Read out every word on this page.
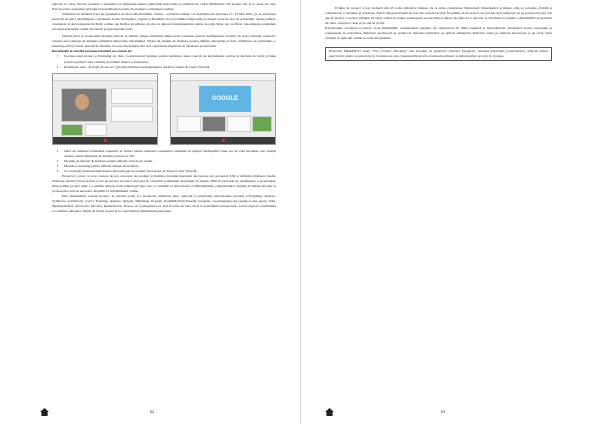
aplicate la clasa, fiecare partener a prezentat un împreună despre aplicațiile dezvoltate și utilizate în cadrul întâlnirilor din proiect dar și la orele de curs. Fiecare țară a prezentat aplicații și instrumente folosite în predarea și învățarea online.

Schimbul de termeni scurt ale grupurilor de elevi din România, Vaslui – activitate online, s-a desfășurat în perioada 17- 19 Mai 2021, și au participat peste 60 de elevi din Bulgaria, Germania, Italia, Portugalia, Spania și România. El nu schimbat împreună cu despre viața de elev în pandemie, despre temeri, avantajele și dezavantajele învățării online. Au învățat să editeze un site cu ajutorul instrumentului online Google Sites. Au verificat cunoștințele acumulate folosind aplicațiile online Wordwall și jigsawplanet.com.

Ghidul final al proiectului include metode și tehnici despre utilizarea mijloacelor existente pentru desfășurarea lecțiilor în clasa virtuală, respectiv crearea unor situații de învățare utilizând tehnologia informației. Tipuri de situații de învățare pentru diferite discipline școlare. Utilizarea de platforme e-learning pentru variate situații de învățare la toate disciplinele din aria curriculare implicate în derularea proiectului.

Rezultatele la nivelul partenerariatului au constat în:

▪ Crearea unui proiect e-Twinning de către coordonatorul german pentru realizarea unei colecții de instrumente on-line și module de lecții și bune practici pentru Clasa virtuală accesibile tuturor partenerilor.
▪ Realizarea unor „Povești de succes” privind utilizarea instrumentelor media și online în Clasa Virtuală.
GOOGLE
▪ Ghid de utilizare incluzând expertize și sfaturi pentru utilizarea resurselor existente în timpul desfășurării unei ore de curs moderne sau situații asupra crearii situațiilor de învățare bazate pe TIC
▪ Module de situații de învățare pentru diferite obiecte de studiu
▪ Module e-learning pentru diferite situații de învățare
▪ O convenție internațională despre metodologia de predare inovatoare și despre Clasa Virtuală.

Proiectul a avut ca scop crearea de noi concepte de predare și învățare folosind metodele inovatoare ale secolului XXI și utilizând mijloace media moderne. Pentru liceul nostru a fost un proiect inovator mai ales în contextul pandemiei declanșate în martie 2020 în perioada de desfășurare a proiectului, fiind primul proiect unde s-a utilizat diverse noile tehnologii fapt care a contribuit la dezvoltarea și îmbunătățirea competențelor digitale în rândul elevilor și profesorilor atât de necesare adaptării la învățământul online.

Prin intermediul acestui proiect, la nivelul școlii s-a promovat utilizarea unor aplicații și platforme educaționale precum e-Twinning, Kahoot, Symbaloo și Edmodo, Lyrics Training, Quizizz, Quizlet, Mindmap, Popplet, PadletMyWall Easelly, Glogster, Learningapps.org (ready-to-use apps), Voki, Mysimpleshow, PowToon, Moovly, Renderforest, Kizoa, etc și integrarea lor atât în orele de curs cât și la activitățile extrașcolare, aceste aspecte contribuind la calitatea educației oferită de liceul nostru și la consolidarea dimensiunii europene.

62

Echipa de proiect a fost formată din 23 cadre didactice titulare, de la ariile curriculare Tehnologii, Matematică și științe, Om și societate, Limbă și comunicare, Consiliere și orientare. Elevii din grupul țintă au fost din clasele IX-XII. În primul an de proiect au fost 44 elevi selectați, iar pe parcursul celor doi ani de proiect s-au mai adăugat 29 elevi având în vedere prelungirea proiectului și durata de aplicare a elevilor la activități cu urmare a diseminării proiectului de către colegii la clase și pe site-ul școlii.

Participanții, profesori și elevii, și-au îmbunătățit competențele digitale, de comunicare în limba engleză și interculturale. Integrând aceste cunoștințe și competențe în activitatea didactică, profesorii au promovat educația inclusivă, au aplicat demersuri didactice axate pe metode inovatoare și au creat clasa virtuală cu aplicații online la toate disciplinele.

Proiectul ERASMUS+ KA2 "21st Century Teaching" este finanțat cu sprijinul Comisiei Europene. Această publicație (comunicare) reflectă numai punctul de vedere al autorului și Comisia nu este responsabilă pentru eventuala utilizare a informațiilor pe care le conține.
63
